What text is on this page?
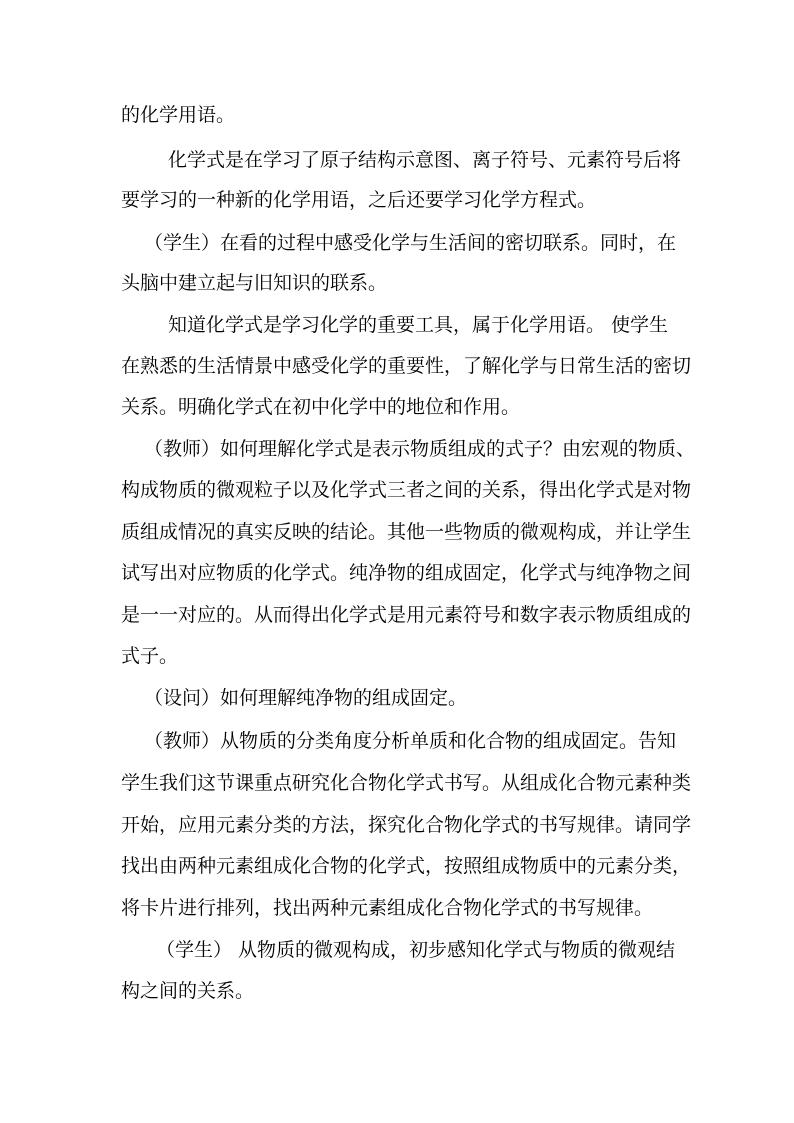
的化学用语。
化学式是在学习了原子结构示意图、离子符号、元素符号后将
要学习的一种新的化学用语，之后还要学习化学方程式。
（学生）在看的过程中感受化学与生活间的密切联系。同时，在
头脑中建立起与旧知识的联系。
知道化学式是学习化学的重要工具，属于化学用语。 使学生
在熟悉的生活情景中感受化学的重要性，了解化学与日常生活的密切
关系。明确化学式在初中化学中的地位和作用。
（教师）如何理解化学式是表示物质组成的式子？由宏观的物质、
构成物质的微观粒子以及化学式三者之间的关系，得出化学式是对物
质组成情况的真实反映的结论。其他一些物质的微观构成，并让学生
试写出对应物质的化学式。纯净物的组成固定，化学式与纯净物之间
是一一对应的。从而得出化学式是用元素符号和数字表示物质组成的
式子。
（设问）如何理解纯净物的组成固定。
（教师）从物质的分类角度分析单质和化合物的组成固定。告知
学生我们这节课重点研究化合物化学式书写。从组成化合物元素种类
开始，应用元素分类的方法，探究化合物化学式的书写规律。请同学
找出由两种元素组成化合物的化学式，按照组成物质中的元素分类，
将卡片进行排列，找出两种元素组成化合物化学式的书写规律。
（学生） 从物质的微观构成，初步感知化学式与物质的微观结
构之间的关系。
